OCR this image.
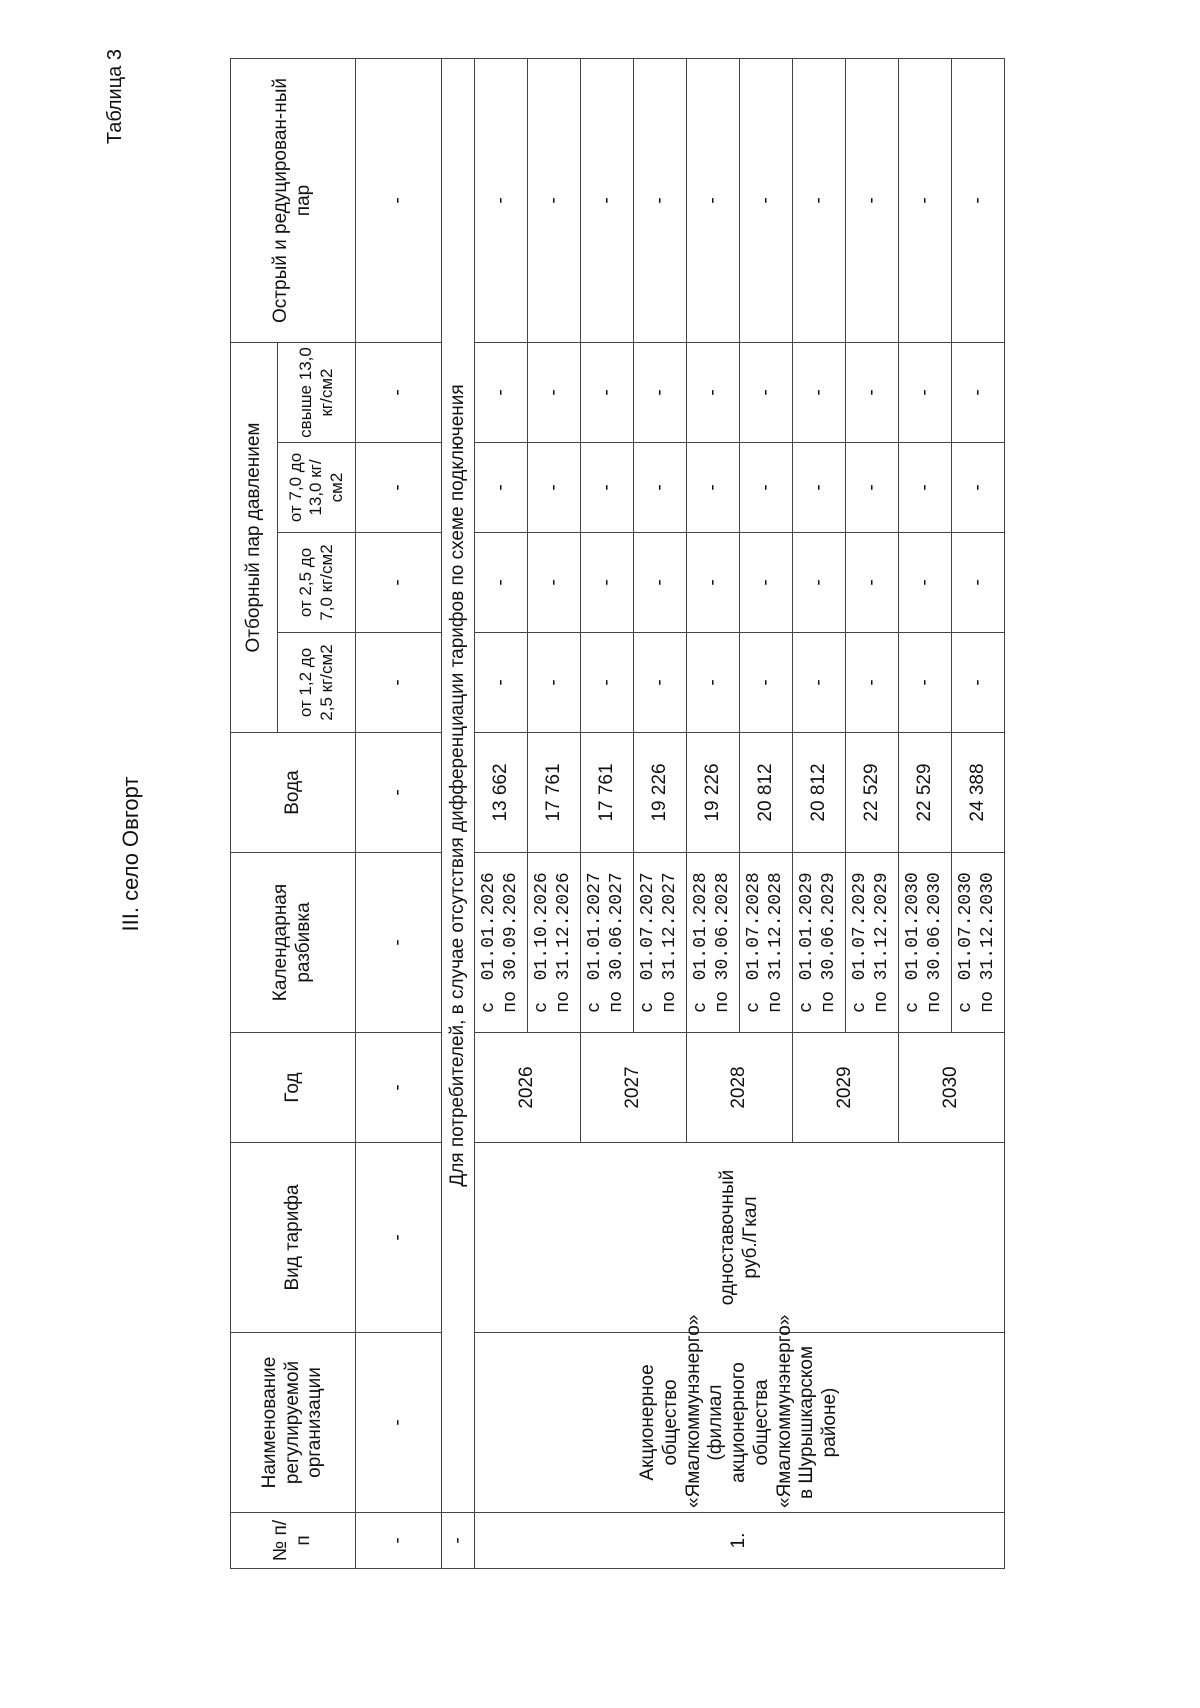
Таблица 3
III. село Овгорт
№ п/п	Наименование регулируемой организации	Вид тарифа	Год	Календарная разбивка	Вода	Отборный пар давлением				Острый и редуцирован-ный пар
						от 1,2 до 2,5 кг/см2	от 2,5 до 7,0 кг/см2	от 7,0 до 13,0 кг/см2	свыше 13,0 кг/см2	
-	-	-	-	-	-	-	-	-	-	-
-	Для потребителей, в случае отсутствия дифференциации тарифов по схеме подключения									
1.	Акционерное общество «Ямалкоммунэнерго» (филиал акционерного общества «Ямалкоммунэнерго» в Шурышкарском районе)	одноставочный руб./Гкал	2026	с  01.01.2026
по 30.09.2026	13 662	-	-	-	-	-
				с  01.10.2026
по 31.12.2026	17 761	-	-	-	-	-
			2027	с  01.01.2027
по 30.06.2027	17 761	-	-	-	-	-
				с  01.07.2027
по 31.12.2027	19 226	-	-	-	-	-
			2028	с  01.01.2028
по 30.06.2028	19 226	-	-	-	-	-
				с  01.07.2028
по 31.12.2028	20 812	-	-	-	-	-
			2029	с  01.01.2029
по 30.06.2029	20 812	-	-	-	-	-
				с  01.07.2029
по 31.12.2029	22 529	-	-	-	-	-
			2030	с  01.01.2030
по 30.06.2030	22 529	-	-	-	-	-
				с  01.07.2030
по 31.12.2030	24 388	-	-	-	-	-
